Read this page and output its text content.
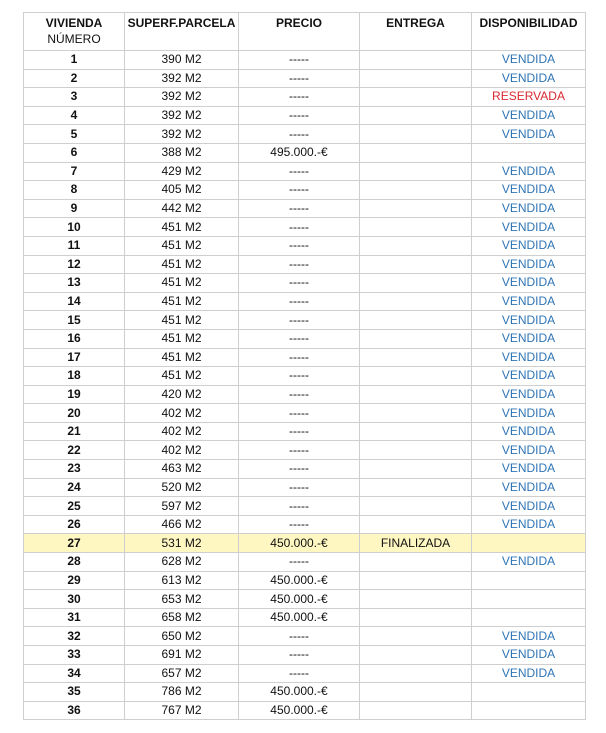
VIVIENDA
NÚMERO	SUPERF.PARCELA	PRECIO	ENTREGA	DISPONIBILIDAD
1	390 M2	-----		VENDIDA
2	392 M2	-----		VENDIDA
3	392 M2	-----		RESERVADA
4	392 M2	-----		VENDIDA
5	392 M2	-----		VENDIDA
6	388 M2	495.000.-€		
7	429 M2	-----		VENDIDA
8	405 M2	-----		VENDIDA
9	442 M2	-----		VENDIDA
10	451 M2	-----		VENDIDA
11	451 M2	-----		VENDIDA
12	451 M2	-----		VENDIDA
13	451 M2	-----		VENDIDA
14	451 M2	-----		VENDIDA
15	451 M2	-----		VENDIDA
16	451 M2	-----		VENDIDA
17	451 M2	-----		VENDIDA
18	451 M2	-----		VENDIDA
19	420 M2	-----		VENDIDA
20	402 M2	-----		VENDIDA
21	402 M2	-----		VENDIDA
22	402 M2	-----		VENDIDA
23	463 M2	-----		VENDIDA
24	520 M2	-----		VENDIDA
25	597 M2	-----		VENDIDA
26	466 M2	-----		VENDIDA
27	531 M2	450.000.-€	FINALIZADA	
28	628 M2	-----		VENDIDA
29	613 M2	450.000.-€		
30	653 M2	450.000.-€		
31	658 M2	450.000.-€		
32	650 M2	-----		VENDIDA
33	691 M2	-----		VENDIDA
34	657 M2	-----		VENDIDA
35	786 M2	450.000.-€		
36	767 M2	450.000.-€		
